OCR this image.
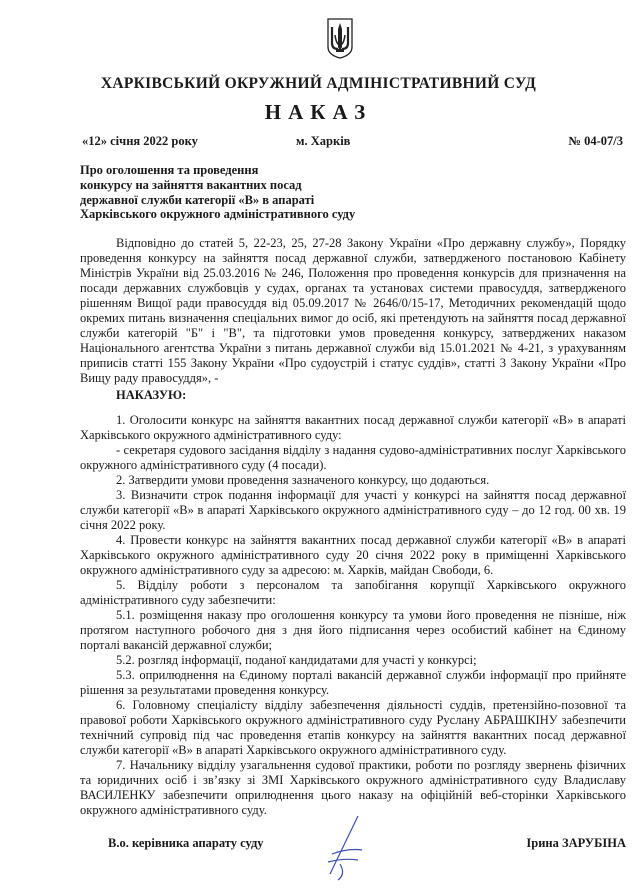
ХАРКІВСЬКИЙ ОКРУЖНИЙ АДМІНІСТРАТИВНИЙ СУД
НАКАЗ
«12» січня 2022 року	м. Харків	№ 04-07/3
Про оголошення та проведення
конкурсу на зайняття вакантних посад
державної служби категорії «В» в апараті
Харківського окружного адміністративного суду

Відповідно до статей 5, 22-23, 25, 27-28 Закону України «Про державну службу», Порядку проведення конкурсу на зайняття посад державної служби, затвердженого постановою Кабінету Міністрів України від 25.03.2016 № 246, Положення про проведення конкурсів для призначення на посади державних службовців у судах, органах та установах системи правосуддя, затвердженого рішенням Вищої ради правосуддя від 05.09.2017 № 2646/0/15-17, Методичних рекомендацій щодо окремих питань визначення спеціальних вимог до осіб, які претендують на зайняття посад державної служби категорій "Б" і "В", та підготовки умов проведення конкурсу, затверджених наказом Національного агентства України з питань державної служби від 15.01.2021 № 4-21, з урахуванням приписів статті 155 Закону України «Про судоустрій і статус суддів», статті 3 Закону України «Про Вищу раду правосуддя», -

НАКАЗУЮ:

1. Оголосити конкурс на зайняття вакантних посад державної служби категорії «В» в апараті Харківського окружного адміністративного суду:

- секретаря судового засідання відділу з надання судово-адміністративних послуг Харківського окружного адміністративного суду (4 посади).

2. Затвердити умови проведення зазначеного конкурсу, що додаються.

3. Визначити строк подання інформації для участі у конкурсі на зайняття посад державної служби категорії «В» в апараті Харківського окружного адміністративного суду – до 12 год. 00 хв. 19 січня 2022 року.

4. Провести конкурс на зайняття вакантних посад державної служби категорії «В» в апараті Харківського окружного адміністративного суду 20 січня 2022 року в приміщенні Харківського окружного адміністративного суду за адресою: м. Харків, майдан Свободи, 6.

5. Відділу роботи з персоналом та запобігання корупції Харківського окружного адміністративного суду забезпечити:

5.1. розміщення наказу про оголошення конкурсу та умови його проведення не пізніше, ніж протягом наступного робочого дня з дня його підписання через особистий кабінет на Єдиному порталі вакансій державної служби;

5.2. розгляд інформації, поданої кандидатами для участі у конкурсі;

5.3. оприлюднення на Єдиному порталі вакансій державної служби інформації про прийняте рішення за результатами проведення конкурсу.

6. Головному спеціалісту відділу забезпечення діяльності суддів, претензійно-позовної та правової роботи Харківського окружного адміністративного суду Руслану АБРАШКІНУ забезпечити технічний супровід під час проведення етапів конкурсу на зайняття вакантних посад державної служби категорії «В» в апараті Харківського окружного адміністративного суду.

7. Начальнику відділу узагальнення судової практики, роботи по розгляду звернень фізичних та юридичних осіб і зв’язку зі ЗМІ Харківського окружного адміністративного суду Владиславу ВАСИЛЕНКУ забезпечити оприлюднення цього наказу на офіційній веб-сторінки Харківського окружного адміністративного суду.

В.о. керівника апарату суду	Ірина ЗАРУБІНА
